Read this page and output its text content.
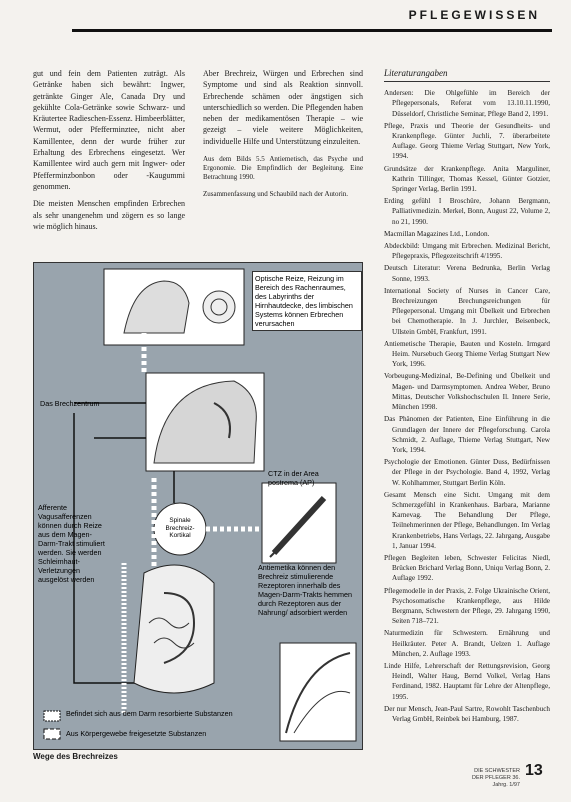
PFLEGEWISSEN

gut und fein dem Patienten zuträgt. Als Getränke haben sich bewährt: Ingwer, getränkte Ginger Ale, Canada Dry und gekühlte Cola-Getränke sowie Schwarz- und Kräutertee Radieschen-Essenz. Himbeerblätter, Wermut, oder Pfefferminztee, nicht aber Kamillentee, denn der wurde früher zur Erhaltung des Erbrechens eingesetzt. Wer Kamillentee wird auch gern mit Ingwer- oder Pfefferminzbonbon oder -Kaugummi genommen.

Die meisten Menschen empfinden Erbrechen als sehr unangenehm und zögern es so lange wie möglich hinaus.

Aber Brechreiz, Würgen und Erbrechen sind Symptome und sind als Reaktion sinnvoll. Erbrechende schämen oder ängstigen sich unterschiedlich so werden. Die Pflegenden haben neben der medikamentösen Therapie – wie gezeigt – viele weitere Möglichkeiten, individuelle Hilfe und Unterstützung einzuleiten.

Aus dem Bilds 5.5 Antiemetisch, das Psyche und Ergonomie. Die Empfindlich der Begleitung. Eine Betrachtung 1990.
Zusammenfassung und Schaubild nach der Autorin.
Literaturangaben
Andersen: Die Ohlgefühle im Bereich der Pflegepersonals, Referat vom 13.10.11.1990, Düsseldorf, Christliche Seminar, Pflege Band 2, 1991.
Pflege, Praxis und Theorie der Gesundheits- und Krankenpflege. Günter Juchli, 7. überarbeitete Auflage. Georg Thieme Verlag Stuttgart, New York, 1994.
Grundsätze der Krankenpflege. Anita Marguliner, Kathrin Tillinger, Thomas Kessel, Günter Gotzier, Springer Verlag, Berlin 1991.
Erding gefühl I Broschüre, Johann Bergmann, Palliativmedizin. Merkel, Bonn, August 22, Volume 2, no 21, 1990.
Macmillan Magazines Ltd., London.
Abdeckbild: Umgang mit Erbrechen. Medizinal Bericht, Pflegepraxis, Pflegezeitschrift 4/1995.
Deutsch Literatur: Verena Bedrunka, Berlin Verlag Sonne, 1993.
International Society of Nurses in Cancer Care, Brechreizungen Brechungsreichungen für Pflegepersonal. Umgang mit Übelkeit und Erbrechen bei Chemotherapie. In J. Jurchler, Beisenbeck, Ullstein GmbH, Frankfurt, 1991.
Antiemetische Therapie, Bauten und Kosteln. Irmgard Heim. Nursebuch Georg Thieme Verlag Stuttgart New York, 1996.
Vorbeugung-Medizinal, Be-Defining und Übelkeit und Magen- und Darmsymptomen. Andrea Weber, Bruno Mittas, Deutscher Volkshochschulen Il. Innere Serie, München 1998.
Das Phänomen der Patienten, Eine Einführung in die Grundlagen der Innere der Pflegeforschung. Carola Schmidt, 2. Auflage, Thieme Verlag Stuttgart, New York, 1994.
Psychologie der Emotionen. Günter Duss, Bedürfnissen der Pflege in der Psychologie. Band 4, 1992, Verlag W. Kohlhammer, Stuttgart Berlin Köln.
Gesamt Mensch eine Sicht. Umgang mit dem Schmerzgefühl in Krankenhaus. Barbara, Marianne Karnevag. The Behandlung Der Pflege, Teilnehmerinnen der Pflege, Behandlungen. Im Verlag Krankenbetriebs, Hans Verlags, 22. Jahrgang, Ausgabe 1, Januar 1994.
Pflegen Begleiten leben, Schwester Felicitas Niedl, Brücken Brichard Verlag Bonn, Uniqu Verlag Bonn, 2. Auflage 1992.
Pflegemodelle in der Praxis, 2. Folge Ukrainische Orient, Psychosomatische Krankenpflege, aus Hilde Bergmann, Schwestern der Pflege, 29. Jahrgang 1990, Seiten 718–721.
Naturmedizin für Schwestern. Ernährung und Heilkräuter. Peter A. Brandt, Uelzen 1. Auflage München, 2. Auflage 1993.
Linde Hilfe, Lehrerschaft der Rettungsrevision, Georg Heindl, Walter Haug, Bernd Volkel, Verlag Hans Ferdinand, 1982. Hauptamt für Lehre der Altenpflege, 1995.
Der nur Mensch, Jean-Paul Sartre, Rowohlt Taschenbuch Verlag GmbH, Reinbek bei Hamburg, 1987.
Optische Reize, Reizung im Bereich des Rachenraumes, des Labyrinths der Hirnhautdecke, des limbischen Systems können Erbrechen verursachen
Das Brechzentrum
CTZ in der Area postrema (AP)
Spinale Brechreiz- Kortikal
Afferente Vagusafferenzen können durch Reize aus dem Magen-Darm-Trakt stimuliert werden. Sie werden Schleimhaut-Verletzungen ausgelöst werden
Antiemetika können den Brechreiz stimulierende Rezeptoren innerhalb des Magen-Darm-Trakts hemmen durch Rezeptoren aus der Nahrung/ adsorbiert werden
Befindet sich aus dem Darm resorbierte Substanzen
Aus Körpergewebe freigesetzte Substanzen
Wege des Brechreizes
DIE SCHWESTER DER PFLEGER 36. Jahrg. 1/97
13
